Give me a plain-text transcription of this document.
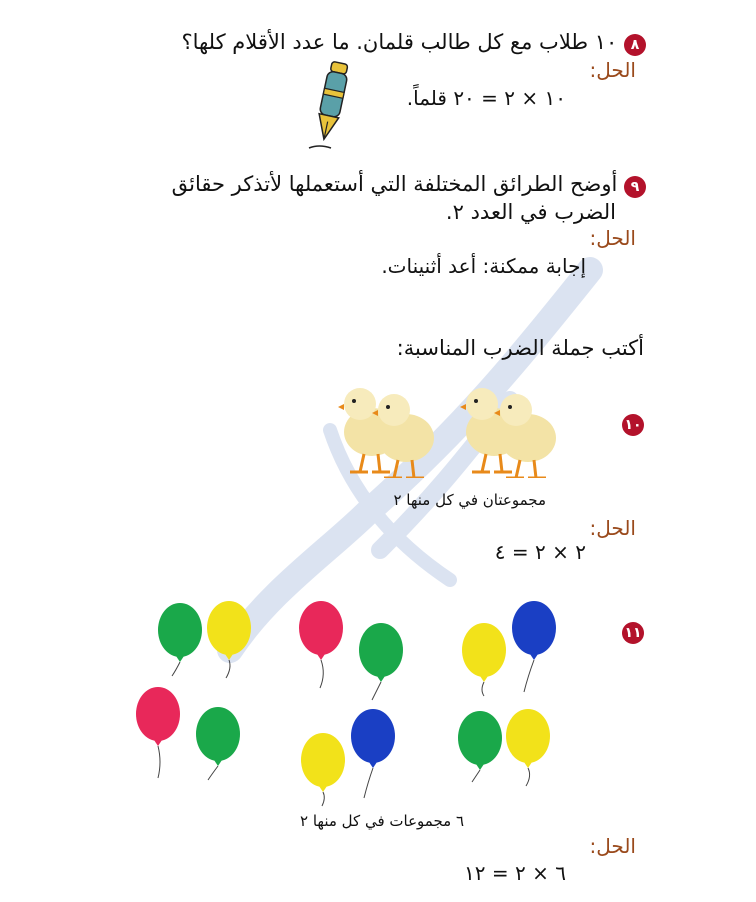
٨ ١٠ طلاب مع كل طالب قلمان. ما عدد الأقلام كلها؟
الحل:
١٠ × ٢ = ٢٠ قلماً.
٩ أوضح الطرائق المختلفة التي أستعملها لأتذكر حقائق
الضرب في العدد ٢.
الحل:
إجابة ممكنة: أعد أثنينات.
أكتب جملة الضرب المناسبة:
١٠
مجموعتان في كل منها ٢
الحل:
٢ × ٢ = ٤
١١
٦ مجموعات في كل منها ٢
الحل:
٦ × ٢ = ١٢
